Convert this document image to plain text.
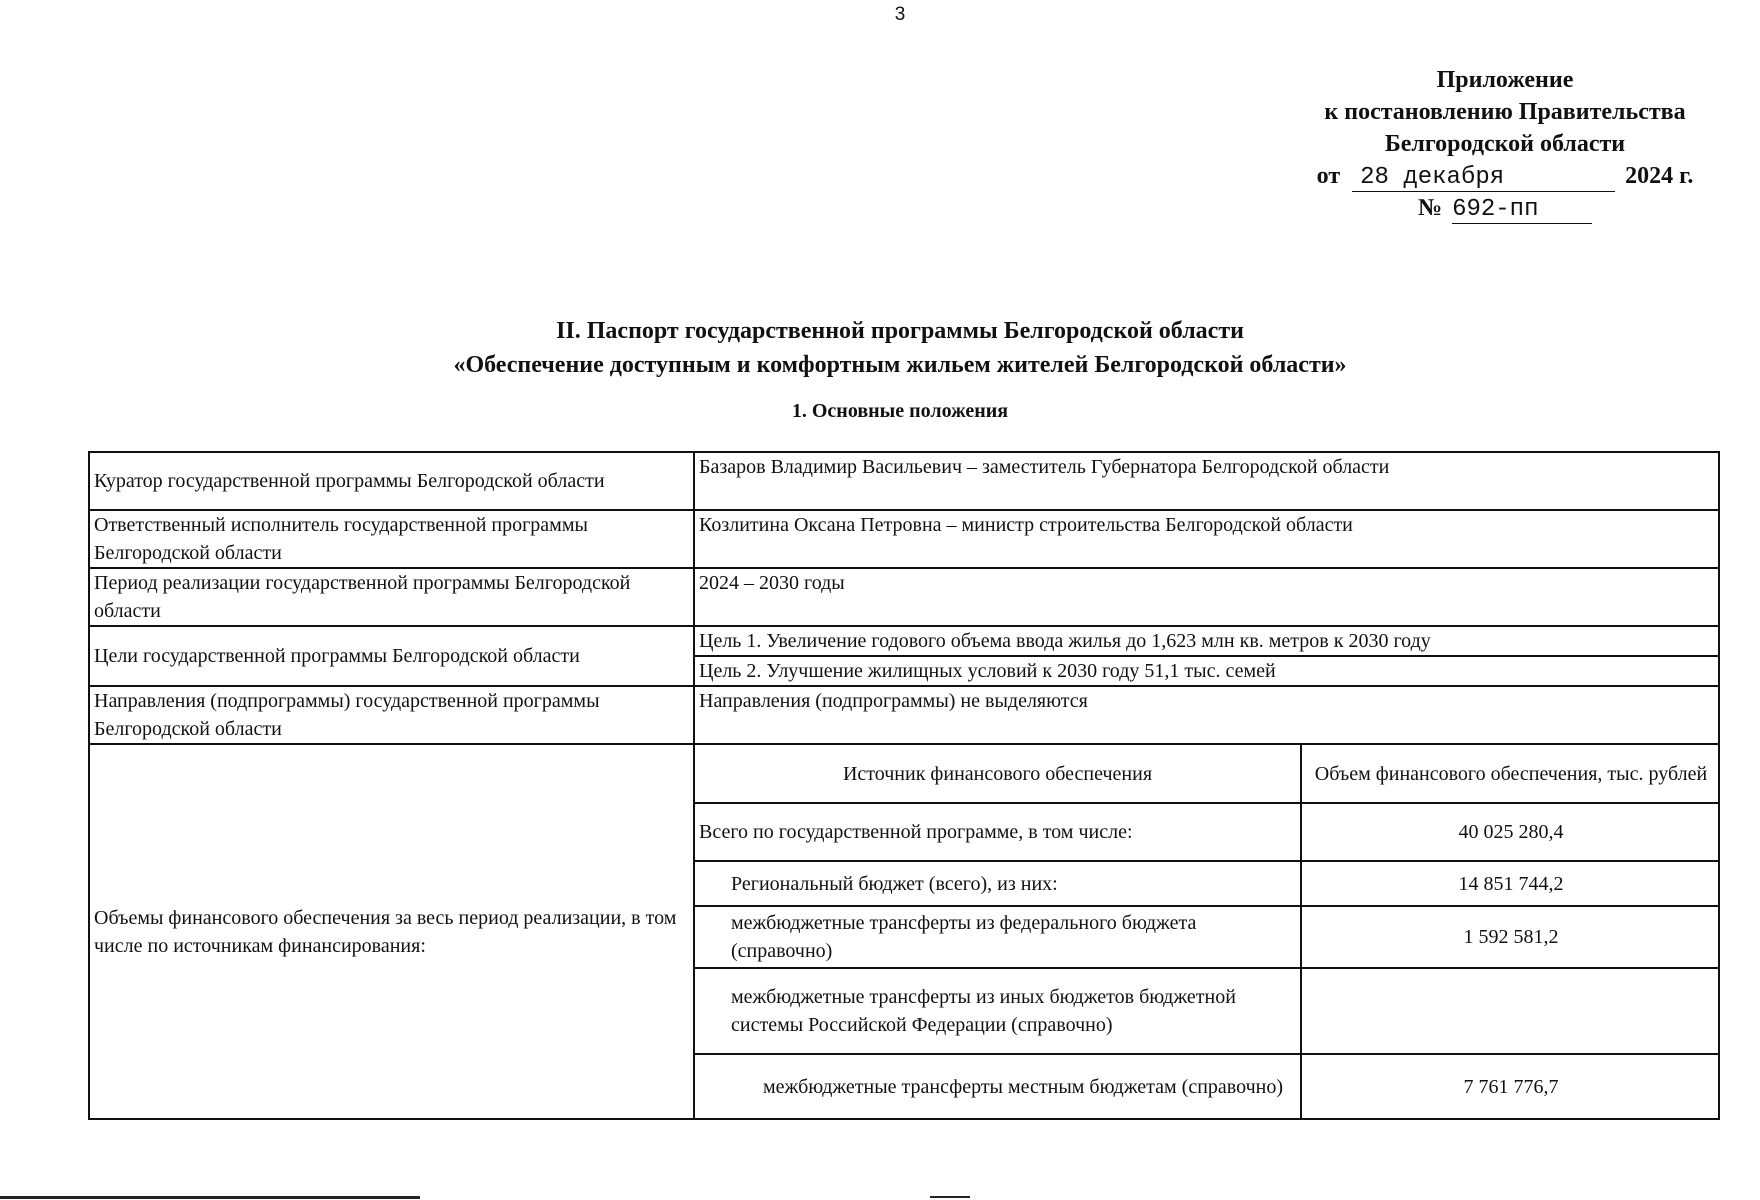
3
Приложение
к постановлению Правительства
Белгородской области
от 28 декабря	2024 г.
№ 692-пп
II. Паспорт государственной программы Белгородской области
«Обеспечение доступным и комфортным жильем жителей Белгородской области»
1. Основные положения
Куратор государственной программы Белгородской области	Базаров Владимир Васильевич – заместитель Губернатора Белгородской области
Ответственный исполнитель государственной программы Белгородской области	Козлитина Оксана Петровна – министр строительства Белгородской области
Период реализации государственной программы Белгородской области	2024 – 2030 годы
Цели государственной программы Белгородской области	Цель 1. Увеличение годового объема ввода жилья до 1,623 млн кв. метров к 2030 году
Цель 2. Улучшение жилищных условий к 2030 году 51,1 тыс. семей
Направления (подпрограммы) государственной программы Белгородской области	Направления (подпрограммы) не выделяются
Объемы финансового обеспечения за весь период реализации, в том числе по источникам финансирования:	
Источник финансового обеспечения	Объем финансового обеспечения, тыс. рублей
Всего по государственной программе, в том числе:	40 025 280,4
Региональный бюджет (всего), из них:	14 851 744,2
межбюджетные трансферты из федерального бюджета (справочно)	1 592 581,2
межбюджетные трансферты из иных бюджетов бюджетной системы Российской Федерации (справочно)	
межбюджетные трансферты местным бюджетам (справочно)	7 761 776,7
